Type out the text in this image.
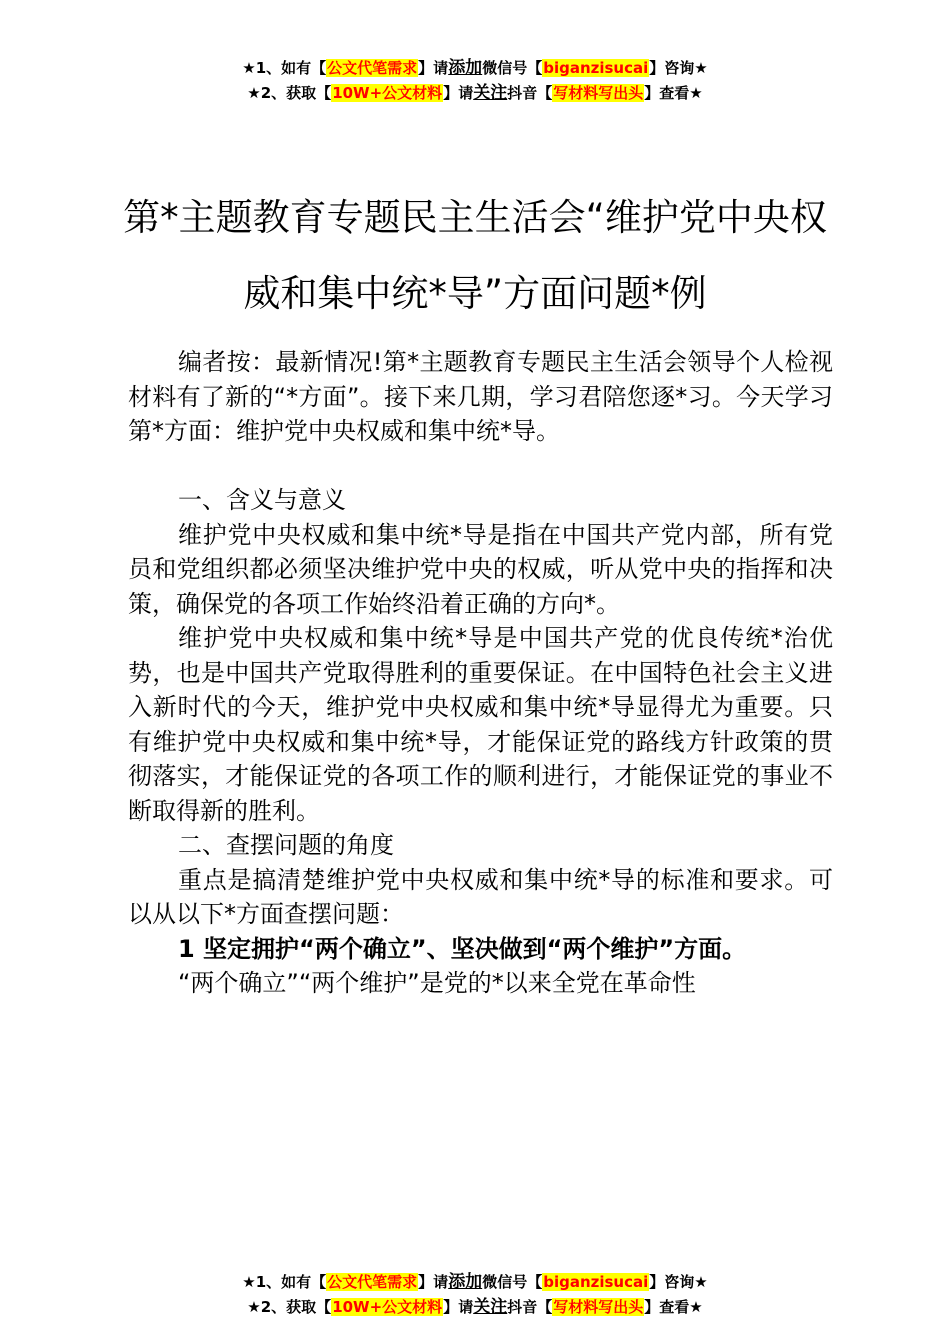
★1、如有【公文代笔需求】请添加微信号【biganzisucai】咨询★
★2、获取【10W+公文材料】请关注抖音【写材料写出头】查看★
第*主题教育专题民主生活会“维护党中央权威和集中统*导”方面问题*例

编者按：最新情况!第*主题教育专题民主生活会领导个人检视材料有了新的“*方面”。接下来几期，学习君陪您逐*习。今天学习第*方面：维护党中央权威和集中统*导。

一、含义与意义

维护党中央权威和集中统*导是指在中国共产党内部，所有党员和党组织都必须坚决维护党中央的权威，听从党中央的指挥和决策，确保党的各项工作始终沿着正确的方向*。

维护党中央权威和集中统*导是中国共产党的优良传统*治优势，也是中国共产党取得胜利的重要保证。在中国特色社会主义进入新时代的今天，维护党中央权威和集中统*导显得尤为重要。只有维护党中央权威和集中统*导，才能保证党的路线方针政策的贯彻落实，才能保证党的各项工作的顺利进行，才能保证党的事业不断取得新的胜利。

二、查摆问题的角度

重点是搞清楚维护党中央权威和集中统*导的标准和要求。可以从以下*方面查摆问题：

1 坚定拥护“两个确立”、坚决做到“两个维护”方面。

“两个确立”“两个维护”是党的*以来全党在革命性

★1、如有【公文代笔需求】请添加微信号【biganzisucai】咨询★
★2、获取【10W+公文材料】请关注抖音【写材料写出头】查看★
